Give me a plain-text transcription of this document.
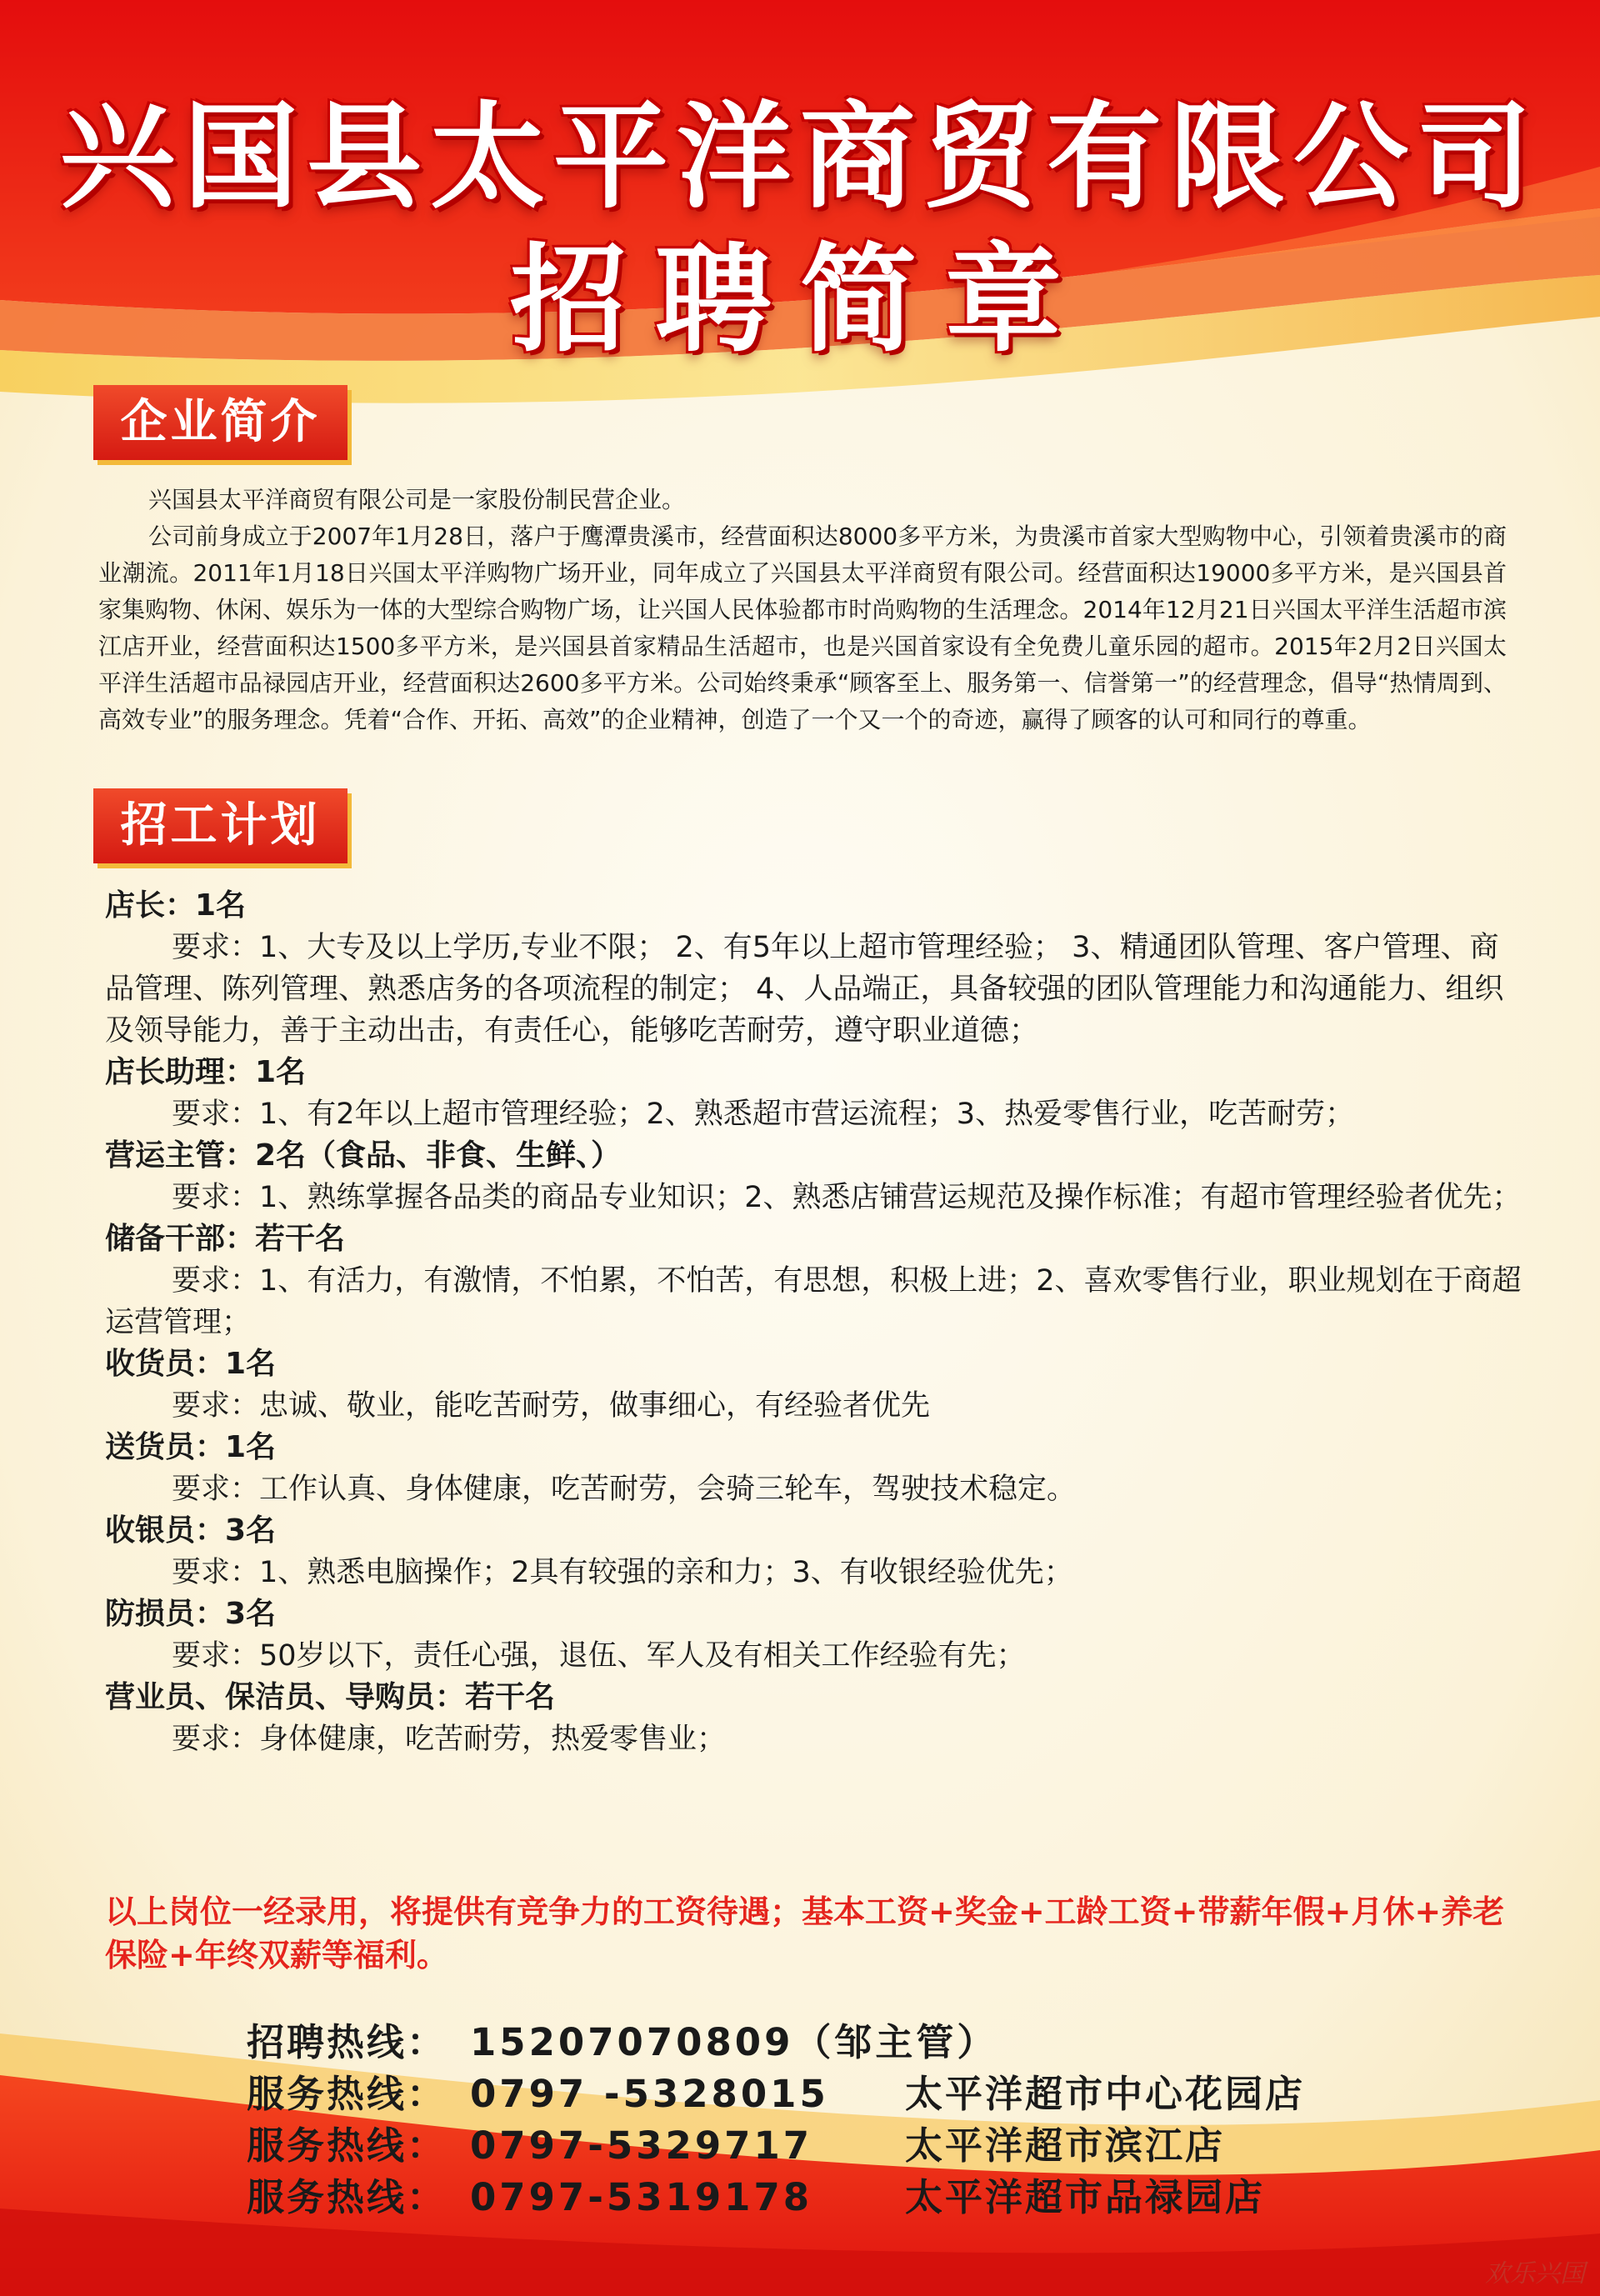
兴国县太平洋商贸有限公司
招聘简章
企业简介

兴国县太平洋商贸有限公司是一家股份制民营企业。

公司前身成立于2007年1月28日，落户于鹰潭贵溪市，经营面积达8000多平方米，为贵溪市首家大型购物中心，引领着贵溪市的商业潮流。2011年1月18日兴国太平洋购物广场开业，同年成立了兴国县太平洋商贸有限公司。经营面积达19000多平方米，是兴国县首家集购物、休闲、娱乐为一体的大型综合购物广场，让兴国人民体验都市时尚购物的生活理念。2014年12月21日兴国太平洋生活超市滨江店开业，经营面积达1500多平方米，是兴国县首家精品生活超市，也是兴国首家设有全免费儿童乐园的超市。2015年2月2日兴国太平洋生活超市品禄园店开业，经营面积达2600多平方米。公司始终秉承“顾客至上、服务第一、信誉第一”的经营理念，倡导“热情周到、高效专业”的服务理念。凭着“合作、开拓、高效”的企业精神，创造了一个又一个的奇迹，赢得了顾客的认可和同行的尊重。

招工计划
店长：1名

要求：1、大专及以上学历,专业不限； 2、有5年以上超市管理经验； 3、精通团队管理、客户管理、商品管理、陈列管理、熟悉店务的各项流程的制定； 4、人品端正，具备较强的团队管理能力和沟通能力、组织及领导能力，善于主动出击，有责任心，能够吃苦耐劳，遵守职业道德；

店长助理：1名

要求：1、有2年以上超市管理经验；2、熟悉超市营运流程；3、热爱零售行业，吃苦耐劳；

营运主管：2名（食品、非食、生鲜、）

要求：1、熟练掌握各品类的商品专业知识；2、熟悉店铺营运规范及操作标准；有超市管理经验者优先；

储备干部：若干名

要求：1、有活力，有激情，不怕累，不怕苦，有思想，积极上进；2、喜欢零售行业，职业规划在于商超运营管理；

收货员：1名

要求：忠诚、敬业，能吃苦耐劳，做事细心，有经验者优先

送货员：1名

要求：工作认真、身体健康，吃苦耐劳，会骑三轮车，驾驶技术稳定。

收银员：3名

要求：1、熟悉电脑操作；2具有较强的亲和力；3、有收银经验优先；

防损员：3名

要求：50岁以下，责任心强，退伍、军人及有相关工作经验有先；

营业员、保洁员、导购员：若干名

要求：身体健康，吃苦耐劳，热爱零售业；

以上岗位一经录用，将提供有竞争力的工资待遇；基本工资+奖金+工龄工资+带薪年假+月休+养老保险+年终双薪等福利。
招聘热线： 15207070809（邹主管）
服务热线： 0797 -5328015 太平洋超市中心花园店
服务热线： 0797-5329717 太平洋超市滨江店
服务热线： 0797-5319178 太平洋超市品禄园店
欢乐兴国
